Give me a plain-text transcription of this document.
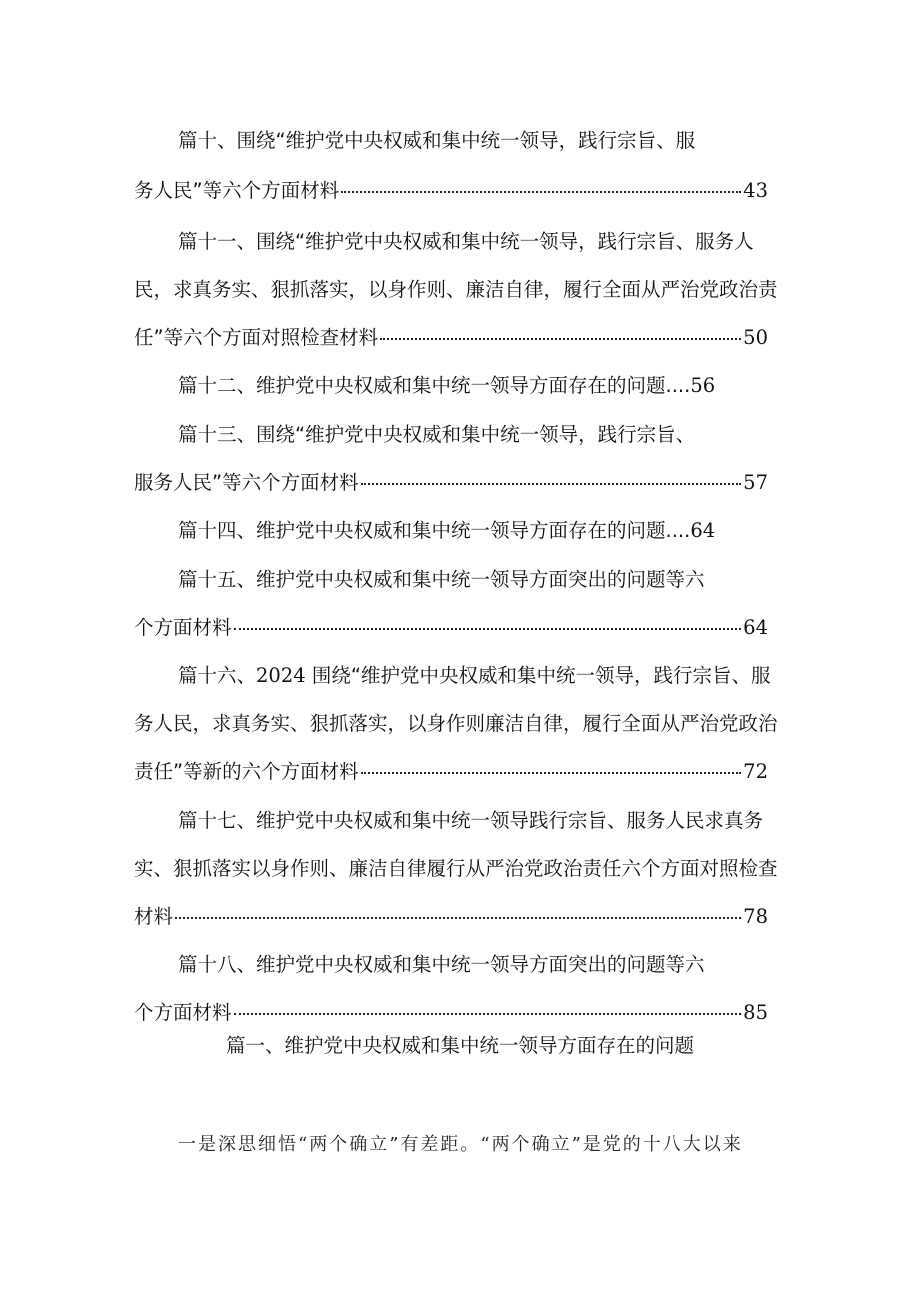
篇十、围绕“维护党中央权威和集中统一领导，践行宗旨、服
务人民”等六个方面材料	43
篇十一、围绕“维护党中央权威和集中统一领导，践行宗旨、服务人
民，求真务实、狠抓落实，以身作则、廉洁自律，履行全面从严治党政治责
任”等六个方面对照检查材料	50
篇十二、维护党中央权威和集中统一领导方面存在的问题....56
篇十三、围绕“维护党中央权威和集中统一领导，践行宗旨、
服务人民”等六个方面材料	57
篇十四、维护党中央权威和集中统一领导方面存在的问题....64
篇十五、维护党中央权威和集中统一领导方面突出的问题等六
个方面材料	64
篇十六、2024 围绕“维护党中央权威和集中统一领导，践行宗旨、服
务人民，求真务实、狠抓落实，以身作则廉洁自律，履行全面从严治党政治
责任”等新的六个方面材料	72
篇十七、维护党中央权威和集中统一领导践行宗旨、服务人民求真务
实、狠抓落实以身作则、廉洁自律履行从严治党政治责任六个方面对照检查
材料	78
篇十八、维护党中央权威和集中统一领导方面突出的问题等六
个方面材料	85
篇一、维护党中央权威和集中统一领导方面存在的问题
一是深思细悟“两个确立”有差距。“两个确立”是党的十八大以来
